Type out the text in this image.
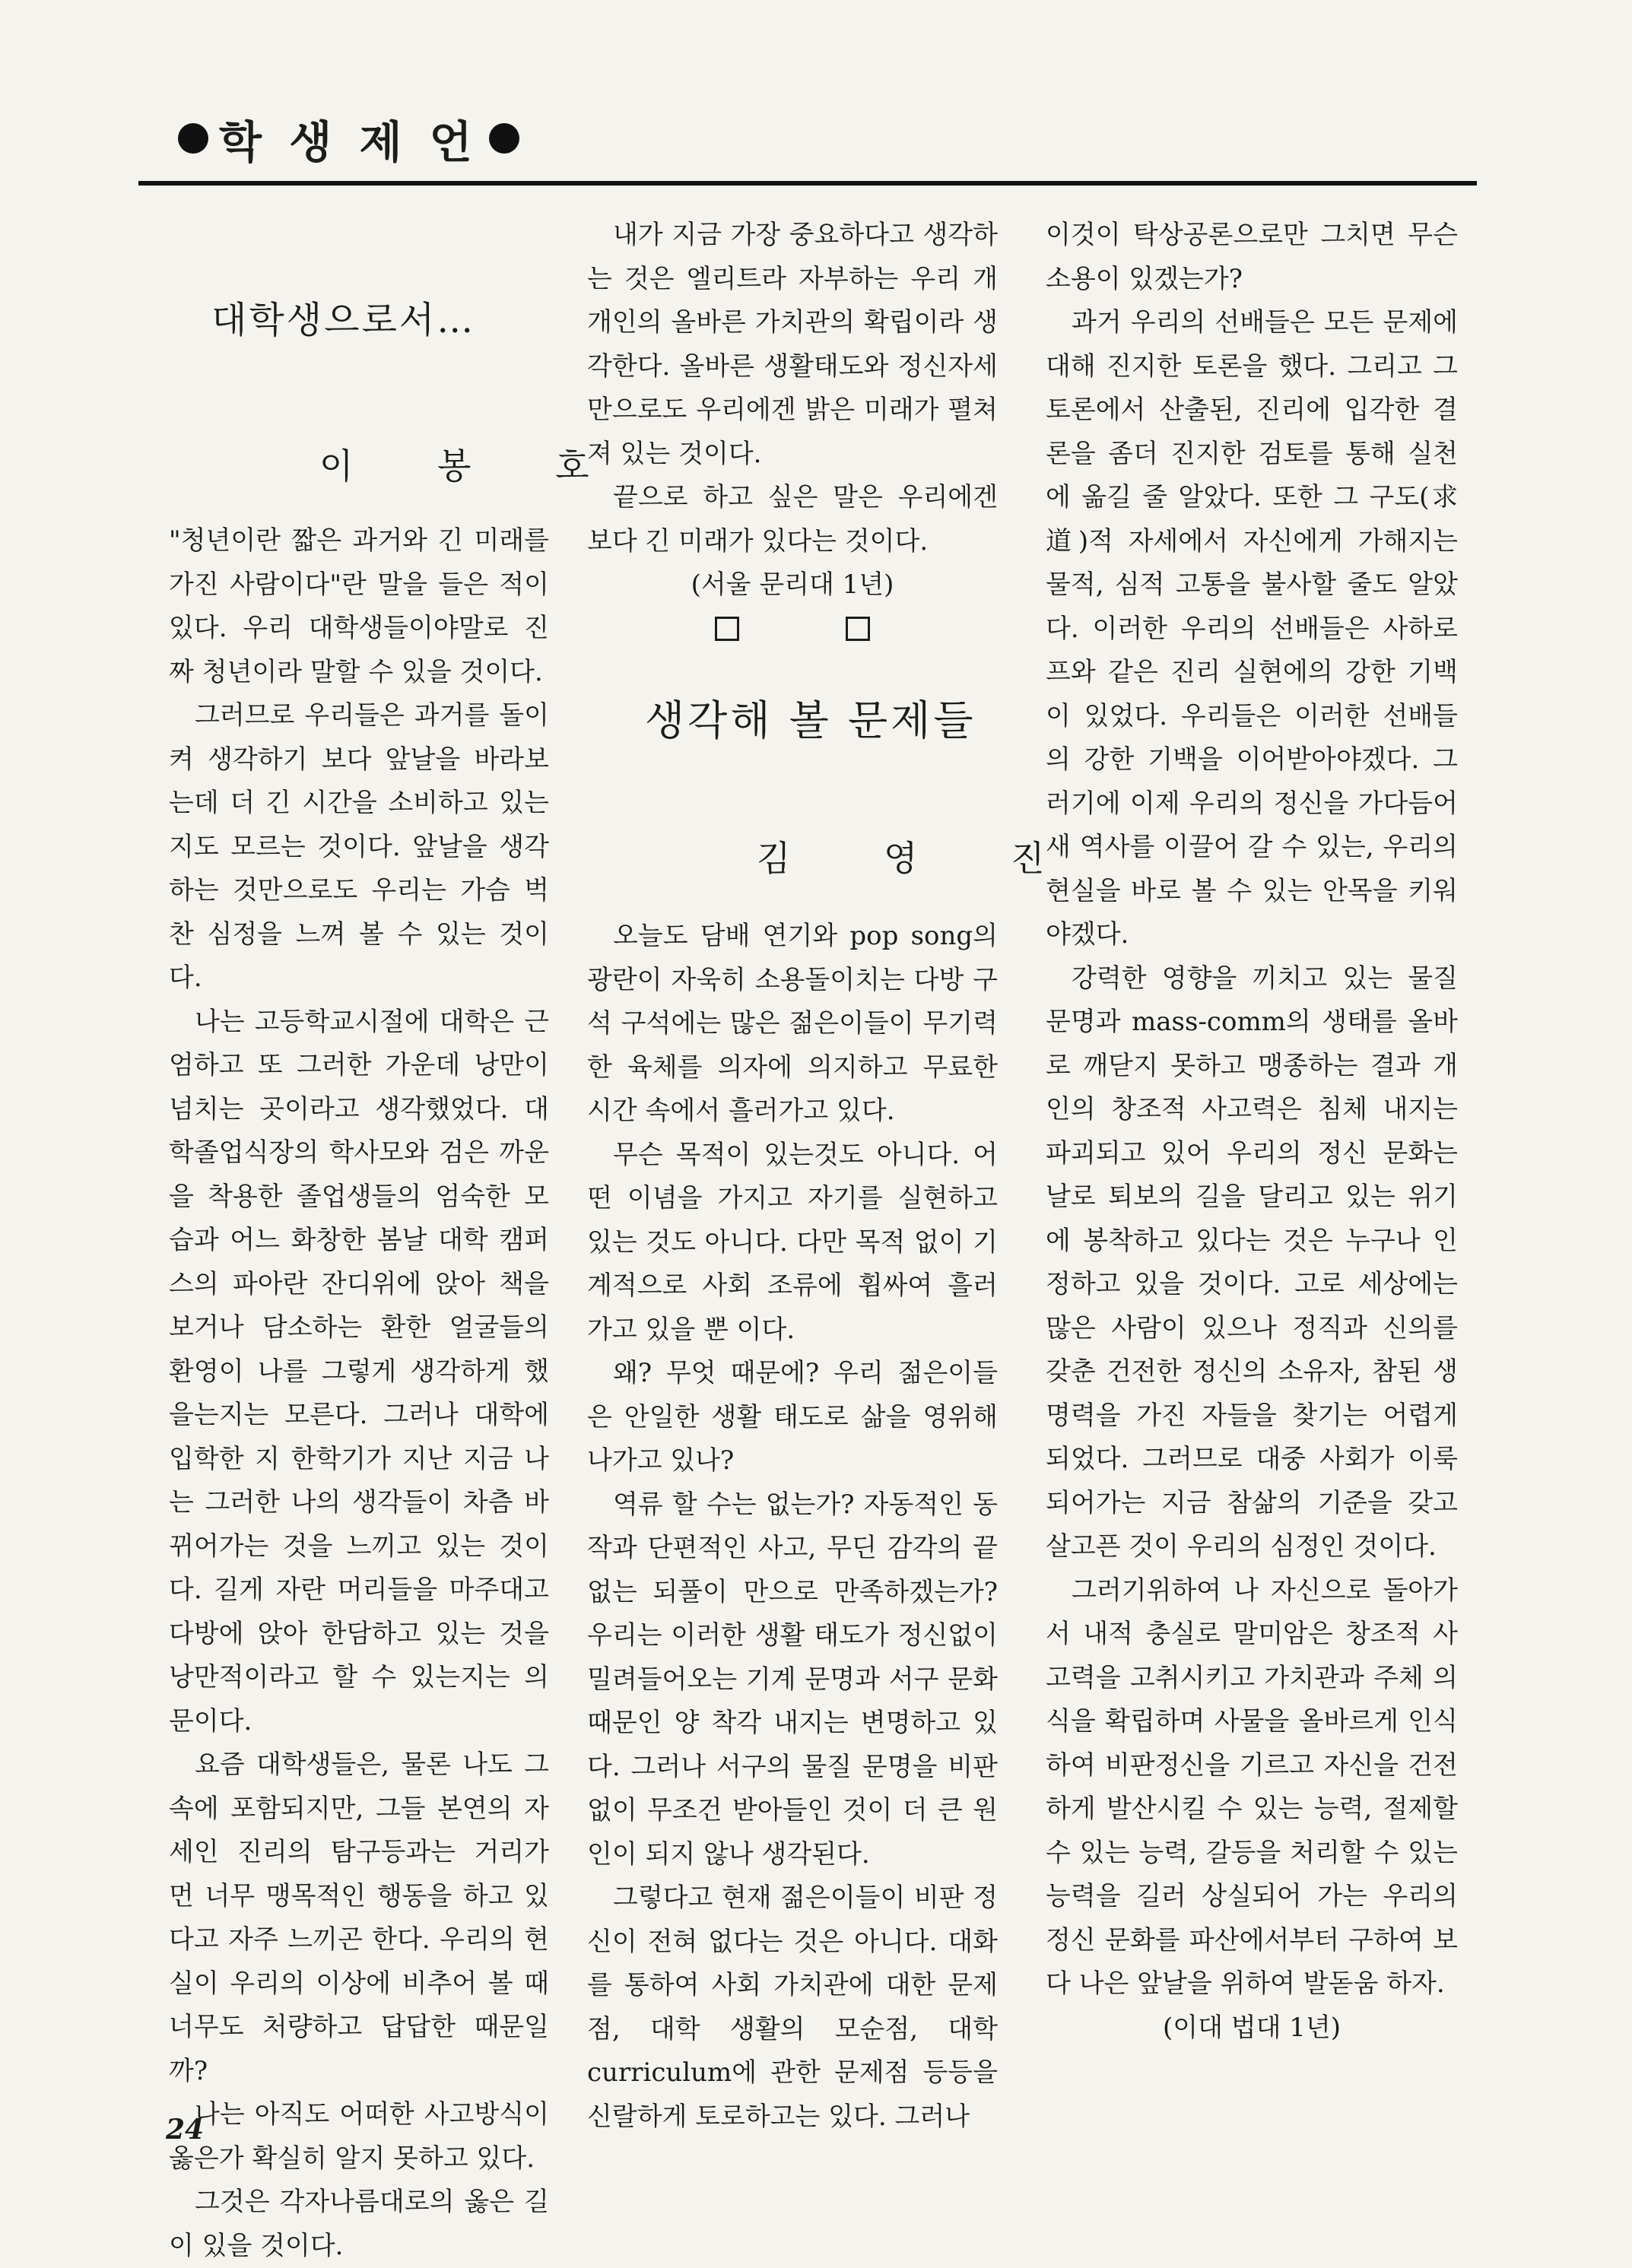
학 생 제 언
대학생으로서…
이 봉 호

"청년이란 짧은 과거와 긴 미래를 가진 사람이다"란 말을 들은 적이 있다. 우리 대학생들이야말로 진짜 청년이라 말할 수 있을 것이다.

그러므로 우리들은 과거를 돌이켜 생각하기 보다 앞날을 바라보는데 더 긴 시간을 소비하고 있는 지도 모르는 것이다. 앞날을 생각하는 것만으로도 우리는 가슴 벅찬 심정을 느껴 볼 수 있는 것이다.

나는 고등학교시절에 대학은 근엄하고 또 그러한 가운데 낭만이 넘치는 곳이라고 생각했었다. 대학졸업식장의 학사모와 검은 까운을 착용한 졸업생들의 엄숙한 모습과 어느 화창한 봄날 대학 캠퍼스의 파아란 잔디위에 앉아 책을 보거나 담소하는 환한 얼굴들의 환영이 나를 그렇게 생각하게 했을는지는 모른다. 그러나 대학에 입학한 지 한학기가 지난 지금 나는 그러한 나의 생각들이 차츰 바뀌어가는 것을 느끼고 있는 것이다. 길게 자란 머리들을 마주대고 다방에 앉아 한담하고 있는 것을 낭만적이라고 할 수 있는지는 의문이다.

요즘 대학생들은, 물론 나도 그 속에 포함되지만, 그들 본연의 자세인 진리의 탐구등과는 거리가 먼 너무 맹목적인 행동을 하고 있다고 자주 느끼곤 한다. 우리의 현실이 우리의 이상에 비추어 볼 때 너무도 처량하고 답답한 때문일까?

나는 아직도 어떠한 사고방식이 옳은가 확실히 알지 못하고 있다.

그것은 각자나름대로의 옳은 길이 있을 것이다.

내가 지금 가장 중요하다고 생각하는 것은 엘리트라 자부하는 우리 개개인의 올바른 가치관의 확립이라 생각한다. 올바른 생활태도와 정신자세만으로도 우리에겐 밝은 미래가 펼쳐져 있는 것이다.

끝으로 하고 싶은 말은 우리에겐 보다 긴 미래가 있다는 것이다.

(서울 문리대 1년)

생각해 볼 문제들
김 영 진

오늘도 담배 연기와 pop song의 광란이 자욱히 소용돌이치는 다방 구석 구석에는 많은 젊은이들이 무기력한 육체를 의자에 의지하고 무료한 시간 속에서 흘러가고 있다.

무슨 목적이 있는것도 아니다. 어떤 이념을 가지고 자기를 실현하고 있는 것도 아니다. 다만 목적 없이 기계적으로 사회 조류에 휩싸여 흘러 가고 있을 뿐 이다.

왜? 무엇 때문에? 우리 젊은이들은 안일한 생활 태도로 삶을 영위해 나가고 있나?

역류 할 수는 없는가? 자동적인 동작과 단편적인 사고, 무딘 감각의 끝없는 되풀이 만으로 만족하겠는가? 우리는 이러한 생활 태도가 정신없이 밀려들어오는 기계 문명과 서구 문화때문인 양 착각 내지는 변명하고 있다. 그러나 서구의 물질 문명을 비판없이 무조건 받아들인 것이 더 큰 원인이 되지 않나 생각된다.

그렇다고 현재 젊은이들이 비판 정신이 전혀 없다는 것은 아니다. 대화를 통하여 사회 가치관에 대한 문제점, 대학 생활의 모순점, 대학 curriculum에 관한 문제점 등등을 신랄하게 토로하고는 있다. 그러나

이것이 탁상공론으로만 그치면 무슨 소용이 있겠는가?

과거 우리의 선배들은 모든 문제에 대해 진지한 토론을 했다. 그리고 그 토론에서 산출된, 진리에 입각한 결론을 좀더 진지한 검토를 통해 실천에 옮길 줄 알았다. 또한 그 구도(求道)적 자세에서 자신에게 가해지는 물적, 심적 고통을 불사할 줄도 알았다. 이러한 우리의 선배들은 사하로프와 같은 진리 실현에의 강한 기백이 있었다. 우리들은 이러한 선배들의 강한 기백을 이어받아야겠다. 그러기에 이제 우리의 정신을 가다듬어 새 역사를 이끌어 갈 수 있는, 우리의 현실을 바로 볼 수 있는 안목을 키워야겠다.

강력한 영향을 끼치고 있는 물질 문명과 mass-comm의 생태를 올바로 깨닫지 못하고 맹종하는 결과 개인의 창조적 사고력은 침체 내지는 파괴되고 있어 우리의 정신 문화는 날로 퇴보의 길을 달리고 있는 위기에 봉착하고 있다는 것은 누구나 인정하고 있을 것이다. 고로 세상에는 많은 사람이 있으나 정직과 신의를 갖춘 건전한 정신의 소유자, 참된 생명력을 가진 자들을 찾기는 어렵게 되었다. 그러므로 대중 사회가 이룩되어가는 지금 참삶의 기준을 갖고 살고픈 것이 우리의 심정인 것이다.

그러기위하여 나 자신으로 돌아가서 내적 충실로 말미암은 창조적 사고력을 고취시키고 가치관과 주체 의식을 확립하며 사물을 올바르게 인식하여 비판정신을 기르고 자신을 건전하게 발산시킬 수 있는 능력, 절제할 수 있는 능력, 갈등을 처리할 수 있는 능력을 길러 상실되어 가는 우리의 정신 문화를 파산에서부터 구하여 보다 나은 앞날을 위하여 발돋움 하자.

(이대 법대 1년)

24
